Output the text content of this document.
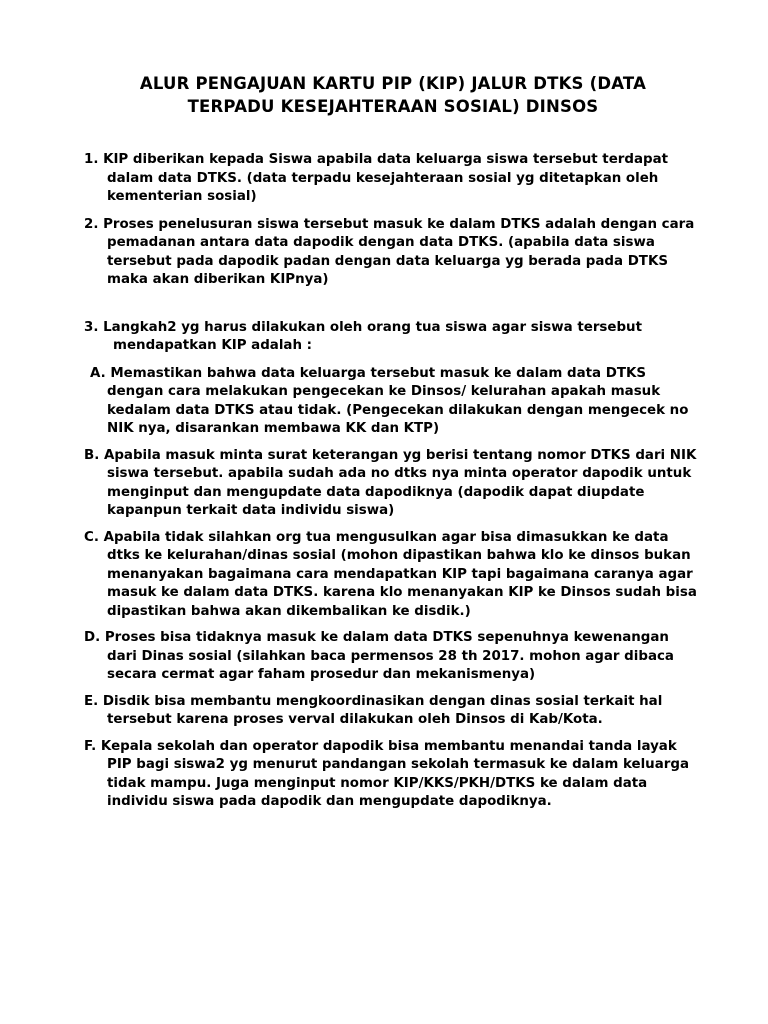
ALUR PENGAJUAN KARTU PIP (KIP) JALUR DTKS (DATA
TERPADU KESEJAHTERAAN SOSIAL) DINSOS
1. KIP diberikan kepada Siswa apabila data keluarga siswa tersebut terdapat
dalam data DTKS. (data terpadu kesejahteraan sosial yg ditetapkan oleh
kementerian sosial)
2. Proses penelusuran siswa tersebut masuk ke dalam DTKS adalah dengan cara
pemadanan antara data dapodik dengan data DTKS. (apabila data siswa
tersebut pada dapodik padan dengan data keluarga yg berada pada DTKS
maka akan diberikan KIPnya)
3. Langkah2 yg harus dilakukan oleh orang tua siswa agar siswa tersebut
mendapatkan KIP adalah :
A. Memastikan bahwa data keluarga tersebut masuk ke dalam data DTKS
dengan cara melakukan pengecekan ke Dinsos/ kelurahan apakah masuk
kedalam data DTKS atau tidak. (Pengecekan dilakukan dengan mengecek no
NIK nya, disarankan membawa KK dan KTP)
B. Apabila masuk minta surat keterangan yg berisi tentang nomor DTKS dari NIK
siswa tersebut. apabila sudah ada no dtks nya minta operator dapodik untuk
menginput dan mengupdate data dapodiknya (dapodik dapat diupdate
kapanpun terkait data individu siswa)
C. Apabila tidak silahkan org tua mengusulkan agar bisa dimasukkan ke data
dtks ke kelurahan/dinas sosial (mohon dipastikan bahwa klo ke dinsos bukan
menanyakan bagaimana cara mendapatkan KIP tapi bagaimana caranya agar
masuk ke dalam data DTKS. karena klo menanyakan KIP ke Dinsos sudah bisa
dipastikan bahwa akan dikembalikan ke disdik.)
D. Proses bisa tidaknya masuk ke dalam data DTKS sepenuhnya kewenangan
dari Dinas sosial (silahkan baca permensos 28 th 2017. mohon agar dibaca
secara cermat agar faham prosedur dan mekanismenya)
E. Disdik bisa membantu mengkoordinasikan dengan dinas sosial terkait hal
tersebut karena proses verval dilakukan oleh Dinsos di Kab/Kota.
F. Kepala sekolah dan operator dapodik bisa membantu menandai tanda layak
PIP bagi siswa2 yg menurut pandangan sekolah termasuk ke dalam keluarga
tidak mampu. Juga menginput nomor KIP/KKS/PKH/DTKS ke dalam data
individu siswa pada dapodik dan mengupdate dapodiknya.
